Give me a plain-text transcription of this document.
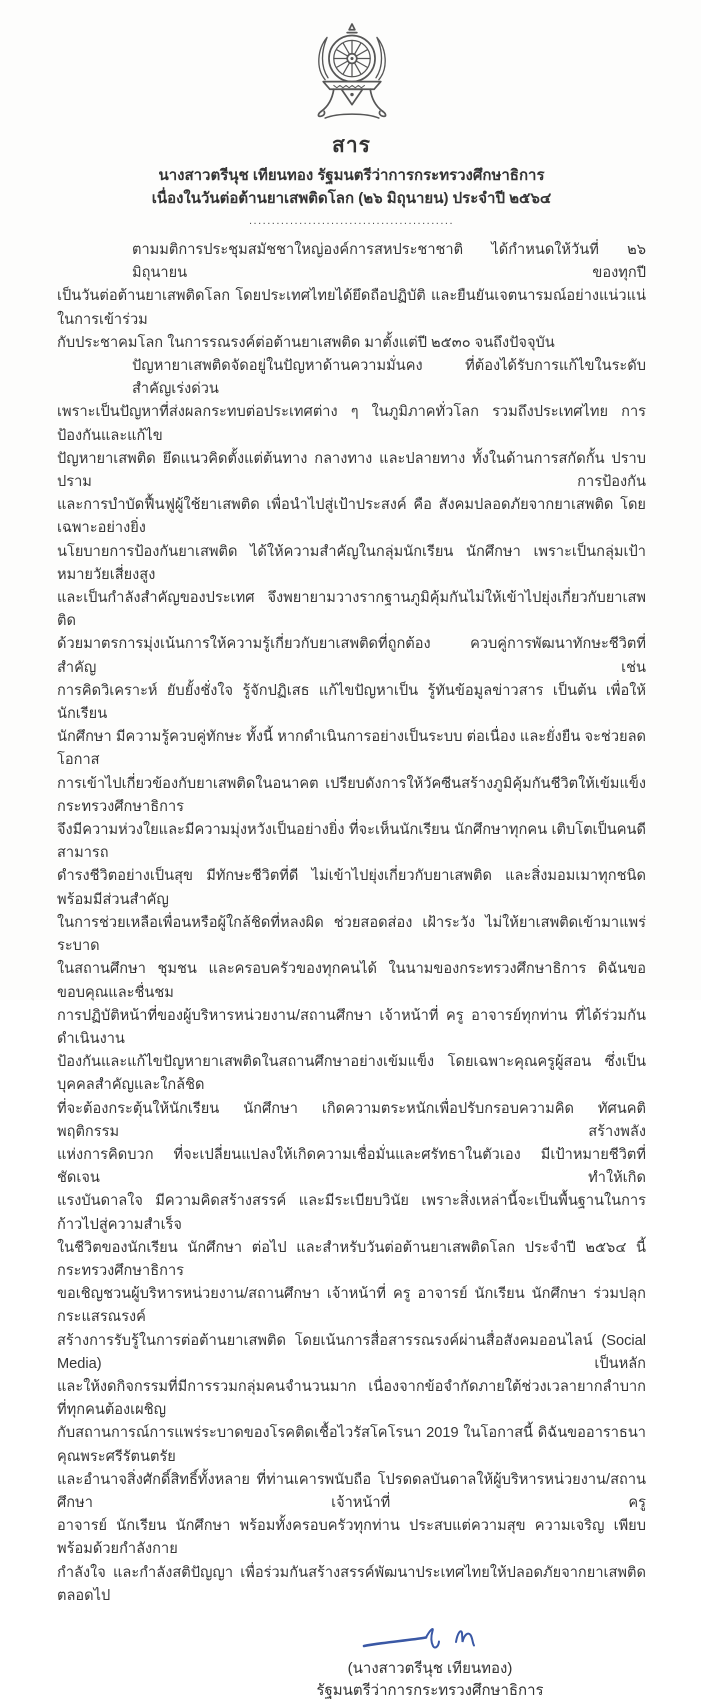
สาร
นางสาวตรีนุช เทียนทอง รัฐมนตรีว่าการกระทรวงศึกษาธิการ
เนื่องในวันต่อต้านยาเสพติดโลก (๒๖ มิถุนายน) ประจำปี ๒๕๖๔
.............................................
ตามมติการประชุมสมัชชาใหญ่องค์การสหประชาชาติ ได้กำหนดให้วันที่ ๒๖ มิถุนายน ของทุกปี
เป็นวันต่อต้านยาเสพติดโลก โดยประเทศไทยได้ยึดถือปฏิบัติ และยืนยันเจตนารมณ์อย่างแน่วแน่ในการเข้าร่วม
กับประชาคมโลก ในการรณรงค์ต่อต้านยาเสพติด มาตั้งแต่ปี ๒๕๓๐ จนถึงปัจจุบัน
ปัญหายาเสพติดจัดอยู่ในปัญหาด้านความมั่นคง ที่ต้องได้รับการแก้ไขในระดับสำคัญเร่งด่วน
เพราะเป็นปัญหาที่ส่งผลกระทบต่อประเทศต่าง ๆ ในภูมิภาคทั่วโลก รวมถึงประเทศไทย การป้องกันและแก้ไข
ปัญหายาเสพติด ยึดแนวคิดตั้งแต่ต้นทาง กลางทาง และปลายทาง ทั้งในด้านการสกัดกั้น ปราบปราม การป้องกัน
และการบำบัดฟื้นฟูผู้ใช้ยาเสพติด เพื่อนำไปสู่เป้าประสงค์ คือ สังคมปลอดภัยจากยาเสพติด โดยเฉพาะอย่างยิ่ง
นโยบายการป้องกันยาเสพติด ได้ให้ความสำคัญในกลุ่มนักเรียน นักศึกษา เพราะเป็นกลุ่มเป้าหมายวัยเสี่ยงสูง
และเป็นกำลังสำคัญของประเทศ จึงพยายามวางรากฐานภูมิคุ้มกันไม่ให้เข้าไปยุ่งเกี่ยวกับยาเสพติด
ด้วยมาตรการมุ่งเน้นการให้ความรู้เกี่ยวกับยาเสพติดที่ถูกต้อง ควบคู่การพัฒนาทักษะชีวิตที่สำคัญ เช่น
การคิดวิเคราะห์ ยับยั้งชั่งใจ รู้จักปฏิเสธ แก้ไขปัญหาเป็น รู้ทันข้อมูลข่าวสาร เป็นต้น เพื่อให้นักเรียน
นักศึกษา มีความรู้ควบคู่ทักษะ ทั้งนี้ หากดำเนินการอย่างเป็นระบบ ต่อเนื่อง และยั่งยืน จะช่วยลดโอกาส
การเข้าไปเกี่ยวข้องกับยาเสพติดในอนาคต เปรียบดังการให้วัคซีนสร้างภูมิคุ้มกันชีวิตให้เข้มแข็ง กระทรวงศึกษาธิการ
จึงมีความห่วงใยและมีความมุ่งหวังเป็นอย่างยิ่ง ที่จะเห็นนักเรียน นักศึกษาทุกคน เติบโตเป็นคนดี สามารถ
ดำรงชีวิตอย่างเป็นสุข มีทักษะชีวิตที่ดี ไม่เข้าไปยุ่งเกี่ยวกับยาเสพติด และสิ่งมอมเมาทุกชนิด พร้อมมีส่วนสำคัญ
ในการช่วยเหลือเพื่อนหรือผู้ใกล้ชิดที่หลงผิด ช่วยสอดส่อง เฝ้าระวัง ไม่ให้ยาเสพติดเข้ามาแพร่ระบาด
ในสถานศึกษา ชุมชน และครอบครัวของทุกคนได้ ในนามของกระทรวงศึกษาธิการ ดิฉันขอขอบคุณและชื่นชม
การปฏิบัติหน้าที่ของผู้บริหารหน่วยงาน/สถานศึกษา เจ้าหน้าที่ ครู อาจารย์ทุกท่าน ที่ได้ร่วมกันดำเนินงาน
ป้องกันและแก้ไขปัญหายาเสพติดในสถานศึกษาอย่างเข้มแข็ง โดยเฉพาะคุณครูผู้สอน ซึ่งเป็นบุคคลสำคัญและใกล้ชิด
ที่จะต้องกระตุ้นให้นักเรียน นักศึกษา เกิดความตระหนักเพื่อปรับกรอบความคิด ทัศนคติ พฤติกรรม สร้างพลัง
แห่งการคิดบวก ที่จะเปลี่ยนแปลงให้เกิดความเชื่อมั่นและศรัทธาในตัวเอง มีเป้าหมายชีวิตที่ชัดเจน ทำให้เกิด
แรงบันดาลใจ มีความคิดสร้างสรรค์ และมีระเบียบวินัย เพราะสิ่งเหล่านี้จะเป็นพื้นฐานในการก้าวไปสู่ความสำเร็จ
ในชีวิตของนักเรียน นักศึกษา ต่อไป และสำหรับวันต่อต้านยาเสพติดโลก ประจำปี ๒๕๖๔ นี้ กระทรวงศึกษาธิการ
ขอเชิญชวนผู้บริหารหน่วยงาน/สถานศึกษา เจ้าหน้าที่ ครู อาจารย์ นักเรียน นักศึกษา ร่วมปลุกกระแสรณรงค์
สร้างการรับรู้ในการต่อต้านยาเสพติด โดยเน้นการสื่อสารรณรงค์ผ่านสื่อสังคมออนไลน์ (Social Media) เป็นหลัก
และให้งดกิจกรรมที่มีการรวมกลุ่มคนจำนวนมาก เนื่องจากข้อจำกัดภายใต้ช่วงเวลายากลำบาก ที่ทุกคนต้องเผชิญ
กับสถานการณ์การแพร่ระบาดของโรคติดเชื้อไวรัสโคโรนา 2019 ในโอกาสนี้ ดิฉันขออาราธนาคุณพระศรีรัตนตรัย
และอำนาจสิ่งศักดิ์สิทธิ์ทั้งหลาย ที่ท่านเคารพนับถือ โปรดดลบันดาลให้ผู้บริหารหน่วยงาน/สถานศึกษา เจ้าหน้าที่ ครู
อาจารย์ นักเรียน นักศึกษา พร้อมทั้งครอบครัวทุกท่าน ประสบแต่ความสุข ความเจริญ เพียบพร้อมด้วยกำลังกาย
กำลังใจ และกำลังสติปัญญา เพื่อร่วมกันสร้างสรรค์พัฒนาประเทศไทยให้ปลอดภัยจากยาเสพติด ตลอดไป
(นางสาวตรีนุช เทียนทอง)
รัฐมนตรีว่าการกระทรวงศึกษาธิการ
